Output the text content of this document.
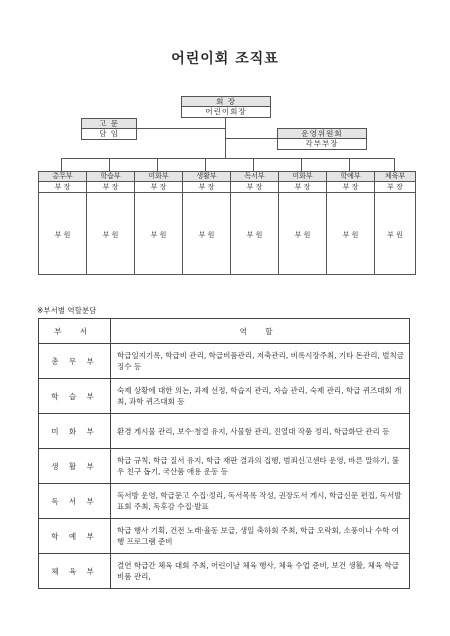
어린이회 조직표
회 장
어린이회장
고 문
담 임	운영위원회
각부부장
총무부
부 장
부 원
학습부
부 장
부 원
미화부
부 장
부 원
생활부
부 장
부 원
독서부
부 장
부 원
미화부
부 장
부 원
학예부
부 장
부 원
체육부
부 장
부 원
※부서별 역할분담
부 서	역 할
총 무 부	학급일지기록, 학급비 관리, 학급비품관리, 저축관리, 비록시장주최, 기타 돈관리, 벌칙금 징수 등
학 습 부	숙제 상황에 대한 의논, 과제 선정, 학습지 관리, 자습 관리, 숙제 관리, 학급 퀴즈대회 개최, 과학 퀴즈대회 등
미 화 부	환경 게시물 관리, 보수·청결 유지, 사물함 관리, 진열대 작품 정리, 학급화단 관리 등
생 활 부	학급 규칙, 학급 질서 유지, 학급 재판 결과의 집행, 범죄신고센타 운영, 바른 말하기, 불우 친구 돕기, 국산품 애용 운동 등
독 서 부	독서방 운영, 학급문고 수집·정리, 독서목록 작성, 권장도서 게시, 학급신문 편집, 독서발표회 주최, 독후감 수집·발표
학 예 부	학급 행사 기획, 건전 노래·율동 보급, 생일 축하회 주최, 학급 오락회, 소풍이나 수학 여행 프로그램 준비
체 육 부	결연 학급간 체육 대회 주최, 어린이날 체육 행사, 체육 수업 준비, 보건 생활, 체육 학급 비품 관리,
